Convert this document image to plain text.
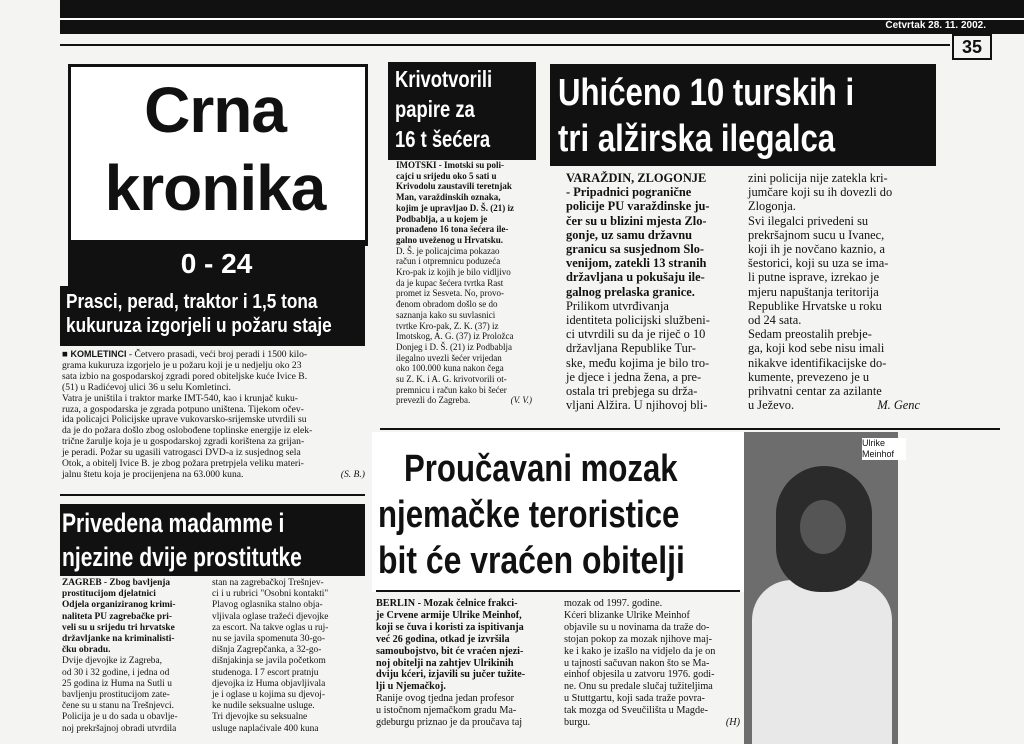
Četvrtak 28. 11. 2002.
35
Crna
kronika
0 - 24
Prasci, perad, traktor i 1,5 tona
kukuruza izgorjeli u požaru staje
■ KOMLETINCI - Četvero prasadi, veći broj peradi i 1500 kilo-
grama kukuruza izgorjelo je u požaru koji je u nedjelju oko 23
sata izbio na gospodarskoj zgradi pored obiteljske kuće Ivice B.
(51) u Radićevoj ulici 36 u selu Komletinci.
Vatra je uništila i traktor marke IMT-540, kao i krunjač kuku-
ruza, a gospodarska je zgrada potpuno uništena. Tijekom očev-
ida policajci Policijske uprave vukovarsko-srijemske utvrdili su
da je do požara došlo zbog oslobođene toplinske energije iz elek-
trične žarulje koja je u gospodarskoj zgradi korištena za grijan-
je peradi. Požar su ugasili vatrogasci DVD-a iz susjednog sela
Otok, a obitelj Ivice B. je zbog požara pretrpjela veliku materi-
jalnu štetu koja je procijenjena na 63.000 kuna.	(S. B.)
Privedena madamme i
njezine dvije prostitutke
ZAGREB - Zbog bavljenja
prostitucijom djelatnici
Odjela organiziranog krimi-
naliteta PU zagrebačke pri-
veli su u srijedu tri hrvatske
državljanke na kriminalisti-
čku obradu.
Dvije djevojke iz Zagreba,
od 30 i 32 godine, i jedna od
25 godina iz Huma na Sutli u
bavljenju prostitucijom zate-
čene su u stanu na Trešnjevci.
Policija je u do sada u obavlje-
noj prekršajnoj obradi utvrdila
stan na zagrebačkoj Trešnjev-
ci i u rubrici "Osobni kontakti"
Plavog oglasnika stalno obja-
vljivala oglase tražeći djevojke
za escort. Na takve oglas u ruj-
nu se javila spomenuta 30-go-
dišnja Zagrepčanka, a 32-go-
dišnjakinja se javila početkom
studenoga. I 7 escort pratnju
djevojka iz Huma objavljivala
je i oglase u kojima su djevoj-
ke nudile seksualne usluge.
Tri djevojke su seksualne
usluge naplaćivale 400 kuna
Krivotvorili
papire za
16 t šećera
IMOTSKI - Imotski su poli-
cajci u srijedu oko 5 sati u
Krivodolu zaustavili teretnjak
Man, varaždinskih oznaka,
kojim je upravljao D. Š. (21) iz
Podbablja, a u kojem je
pronađeno 16 tona šećera ile-
galno uveženog u Hrvatsku.
D. Š. je policajcima pokazao
račun i otpremnicu poduzeća
Kro-pak iz kojih je bilo vidljivo
da je kupac šećera tvrtka Rast
promet iz Sesveta. No, provo-
đenom obradom došlo se do
saznanja kako su suvlasnici
tvrtke Kro-pak, Z. K. (37) iz
Imotskog, A. G. (37) iz Proložca
Donjeg i D. Š. (21) iz Podbablja
ilegalno uvezli šećer vrijedan
oko 100.000 kuna nakon čega
su Z. K. i A. G. krivotvorili ot-
premnicu i račun kako bi šećer
prevezli do Zagreba.	(V. V.)
Uhićeno 10 turskih i
tri alžirska ilegalca
VARAŽDIN, ZLOGONJE
- Pripadnici pogranične
policije PU varaždinske ju-
čer su u blizini mjesta Zlo-
gonje, uz samu državnu
granicu sa susjednom Slo-
venijom, zatekli 13 stranih
državljana u pokušaju ile-
galnog prelaska granice.
Prilikom utvrđivanja
identiteta policijski službeni-
ci utvrdili su da je riječ o 10
državljana Republike Tur-
ske, među kojima je bilo tro-
je djece i jedna žena, a pre-
ostala tri prebjega su drža-
vljani Alžira. U njihovoj bli-
zini policija nije zatekla kri-
jumčare koji su ih dovezli do
Zlogonja.
Svi ilegalci privedeni su
prekršajnom sucu u Ivanec,
koji ih je novčano kaznio, a
šestorici, koji su uza se ima-
li putne isprave, izrekao je
mjeru napuštanja teritorija
Republike Hrvatske u roku
od 24 sata.
Sedam preostalih prebje-
ga, koji kod sebe nisu imali
nikakve identifikacijske do-
kumente, prevezeno je u
prihvatni centar za azilante
u Ježevo.	M. Genc
Proučavani mozak
njemačke teroristice
bit će vraćen obitelji
BERLIN - Mozak čelnice frakci-
je Crvene armije Ulrike Meinhof,
koji se čuva i koristi za ispitivanja
već 26 godina, otkad je izvršila
samoubojstvo, bit će vraćen njezi-
noj obitelji na zahtjev Ulrikinih
dviju kćeri, izjavili su jučer tužite-
lji u Njemačkoj.
Ranije ovog tjedna jedan profesor
u istočnom njemačkom gradu Ma-
gdeburgu priznao je da proučava taj
mozak od 1997. godine.
Kćeri blizanke Ulrike Meinhof
objavile su u novinama da traže do-
stojan pokop za mozak njihove maj-
ke i kako je izašlo na vidjelo da je on
u tajnosti sačuvan nakon što se Ma-
einhof objesila u zatvoru 1976. godi-
ne. Onu su predale slučaj tužiteljima
u Stuttgartu, koji sada traže povra-
tak mozga od Sveučilišta u Magde-
burgu.	(H)
Ulrike Meinhof
